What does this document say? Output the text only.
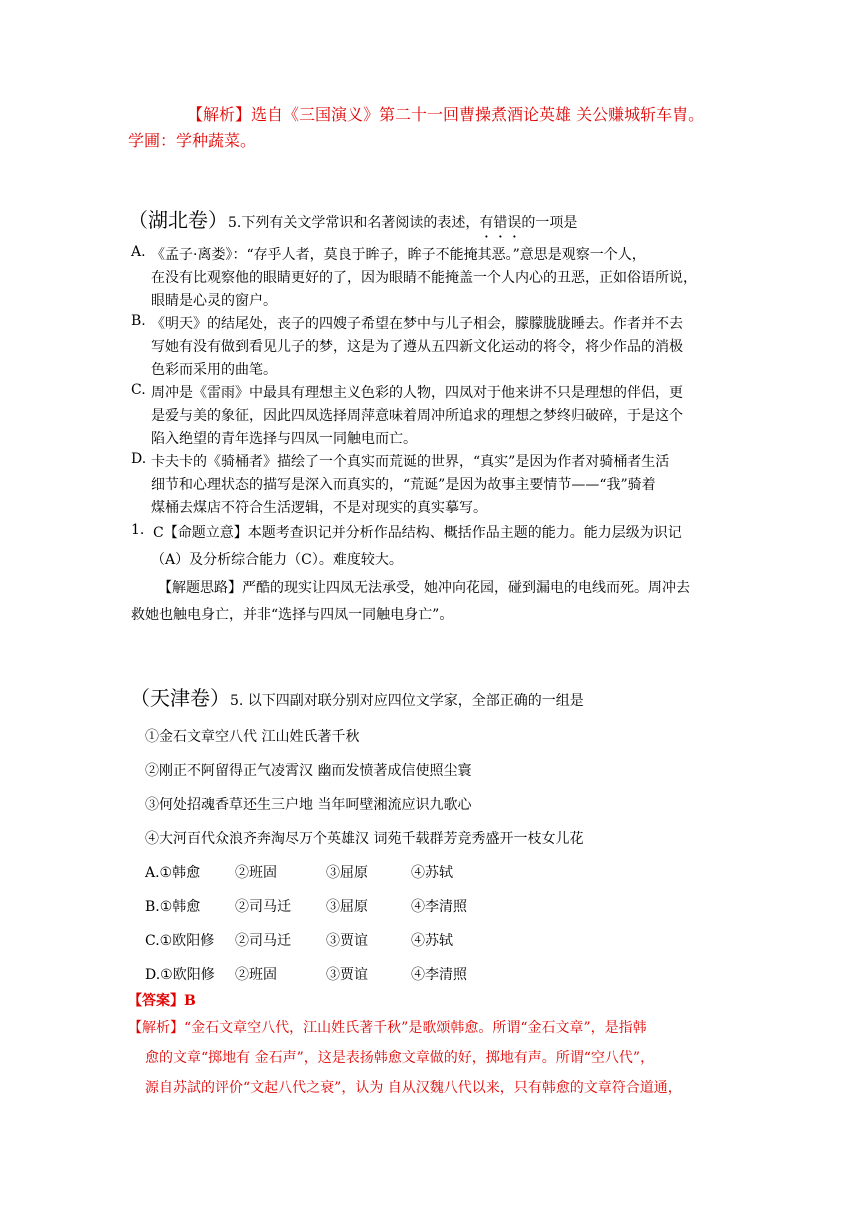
【解析】选自《三国演义》第二十一回曹操煮酒论英雄 关公赚城斩车胄。
学圃：学种蔬菜。
（湖北卷）5.下列有关文学常识和名著阅读的表述，有错误的一项是
A. 《孟子·离娄》：“存乎人者，莫良于眸子，眸子不能掩其恶。”意思是观察一个人，
在没有比观察他的眼睛更好的了，因为眼睛不能掩盖一个人内心的丑恶，正如俗语所说，
眼睛是心灵的窗户。
B. 《明天》的结尾处，丧子的四嫂子希望在梦中与儿子相会，朦朦胧胧睡去。作者并不去
写她有没有做到看见儿子的梦，这是为了遵从五四新文化运动的将令，将少作品的消极
色彩而采用的曲笔。
C. 周冲是《雷雨》中最具有理想主义色彩的人物，四凤对于他来讲不只是理想的伴侣，更
是爱与美的象征，因此四凤选择周萍意味着周冲所追求的理想之梦终归破碎，于是这个
陷入绝望的青年选择与四凤一同触电而亡。
D. 卡夫卡的《骑桶者》描绘了一个真实而荒诞的世界，“真实”是因为作者对骑桶者生活
细节和心理状态的描写是深入而真实的，“荒诞”是因为故事主要情节——“我”骑着
煤桶去煤店不符合生活逻辑，不是对现实的真实摹写。
1. C【命题立意】本题考查识记并分析作品结构、概括作品主题的能力。能力层级为识记
（A）及分析综合能力（C）。难度较大。
【解题思路】严酷的现实让四凤无法承受，她冲向花园，碰到漏电的电线而死。周冲去
救她也触电身亡，并非“选择与四凤一同触电身亡”。
（天津卷）5. 以下四副对联分别对应四位文学家，全部正确的一组是
①金石文章空八代 江山姓氏著千秋
②刚正不阿留得正气凌霄汉 幽而发愤著成信使照尘寰
③何处招魂香草还生三户地 当年呵壁湘流应识九歌心
④大河百代众浪齐奔淘尽万个英雄汉 词苑千载群芳竞秀盛开一枝女儿花
A.①韩愈 ②班固	③屈原	④苏轼
B.①韩愈 ②司马迁	③屈原	④李清照
C.①欧阳修 ②司马迁	③贾谊	④苏轼
D.①欧阳修 ②班固	③贾谊	④李清照
【答案】B
【解析】“金石文章空八代，江山姓氏著千秋”是歌颂韩愈。所谓“金石文章”，是指韩
愈的文章“掷地有 金石声”，这是表扬韩愈文章做的好，掷地有声。所谓“空八代”，
源自苏試的评价“文起八代之衰”，认为 自从汉魏八代以来，只有韩愈的文章符合道通，
